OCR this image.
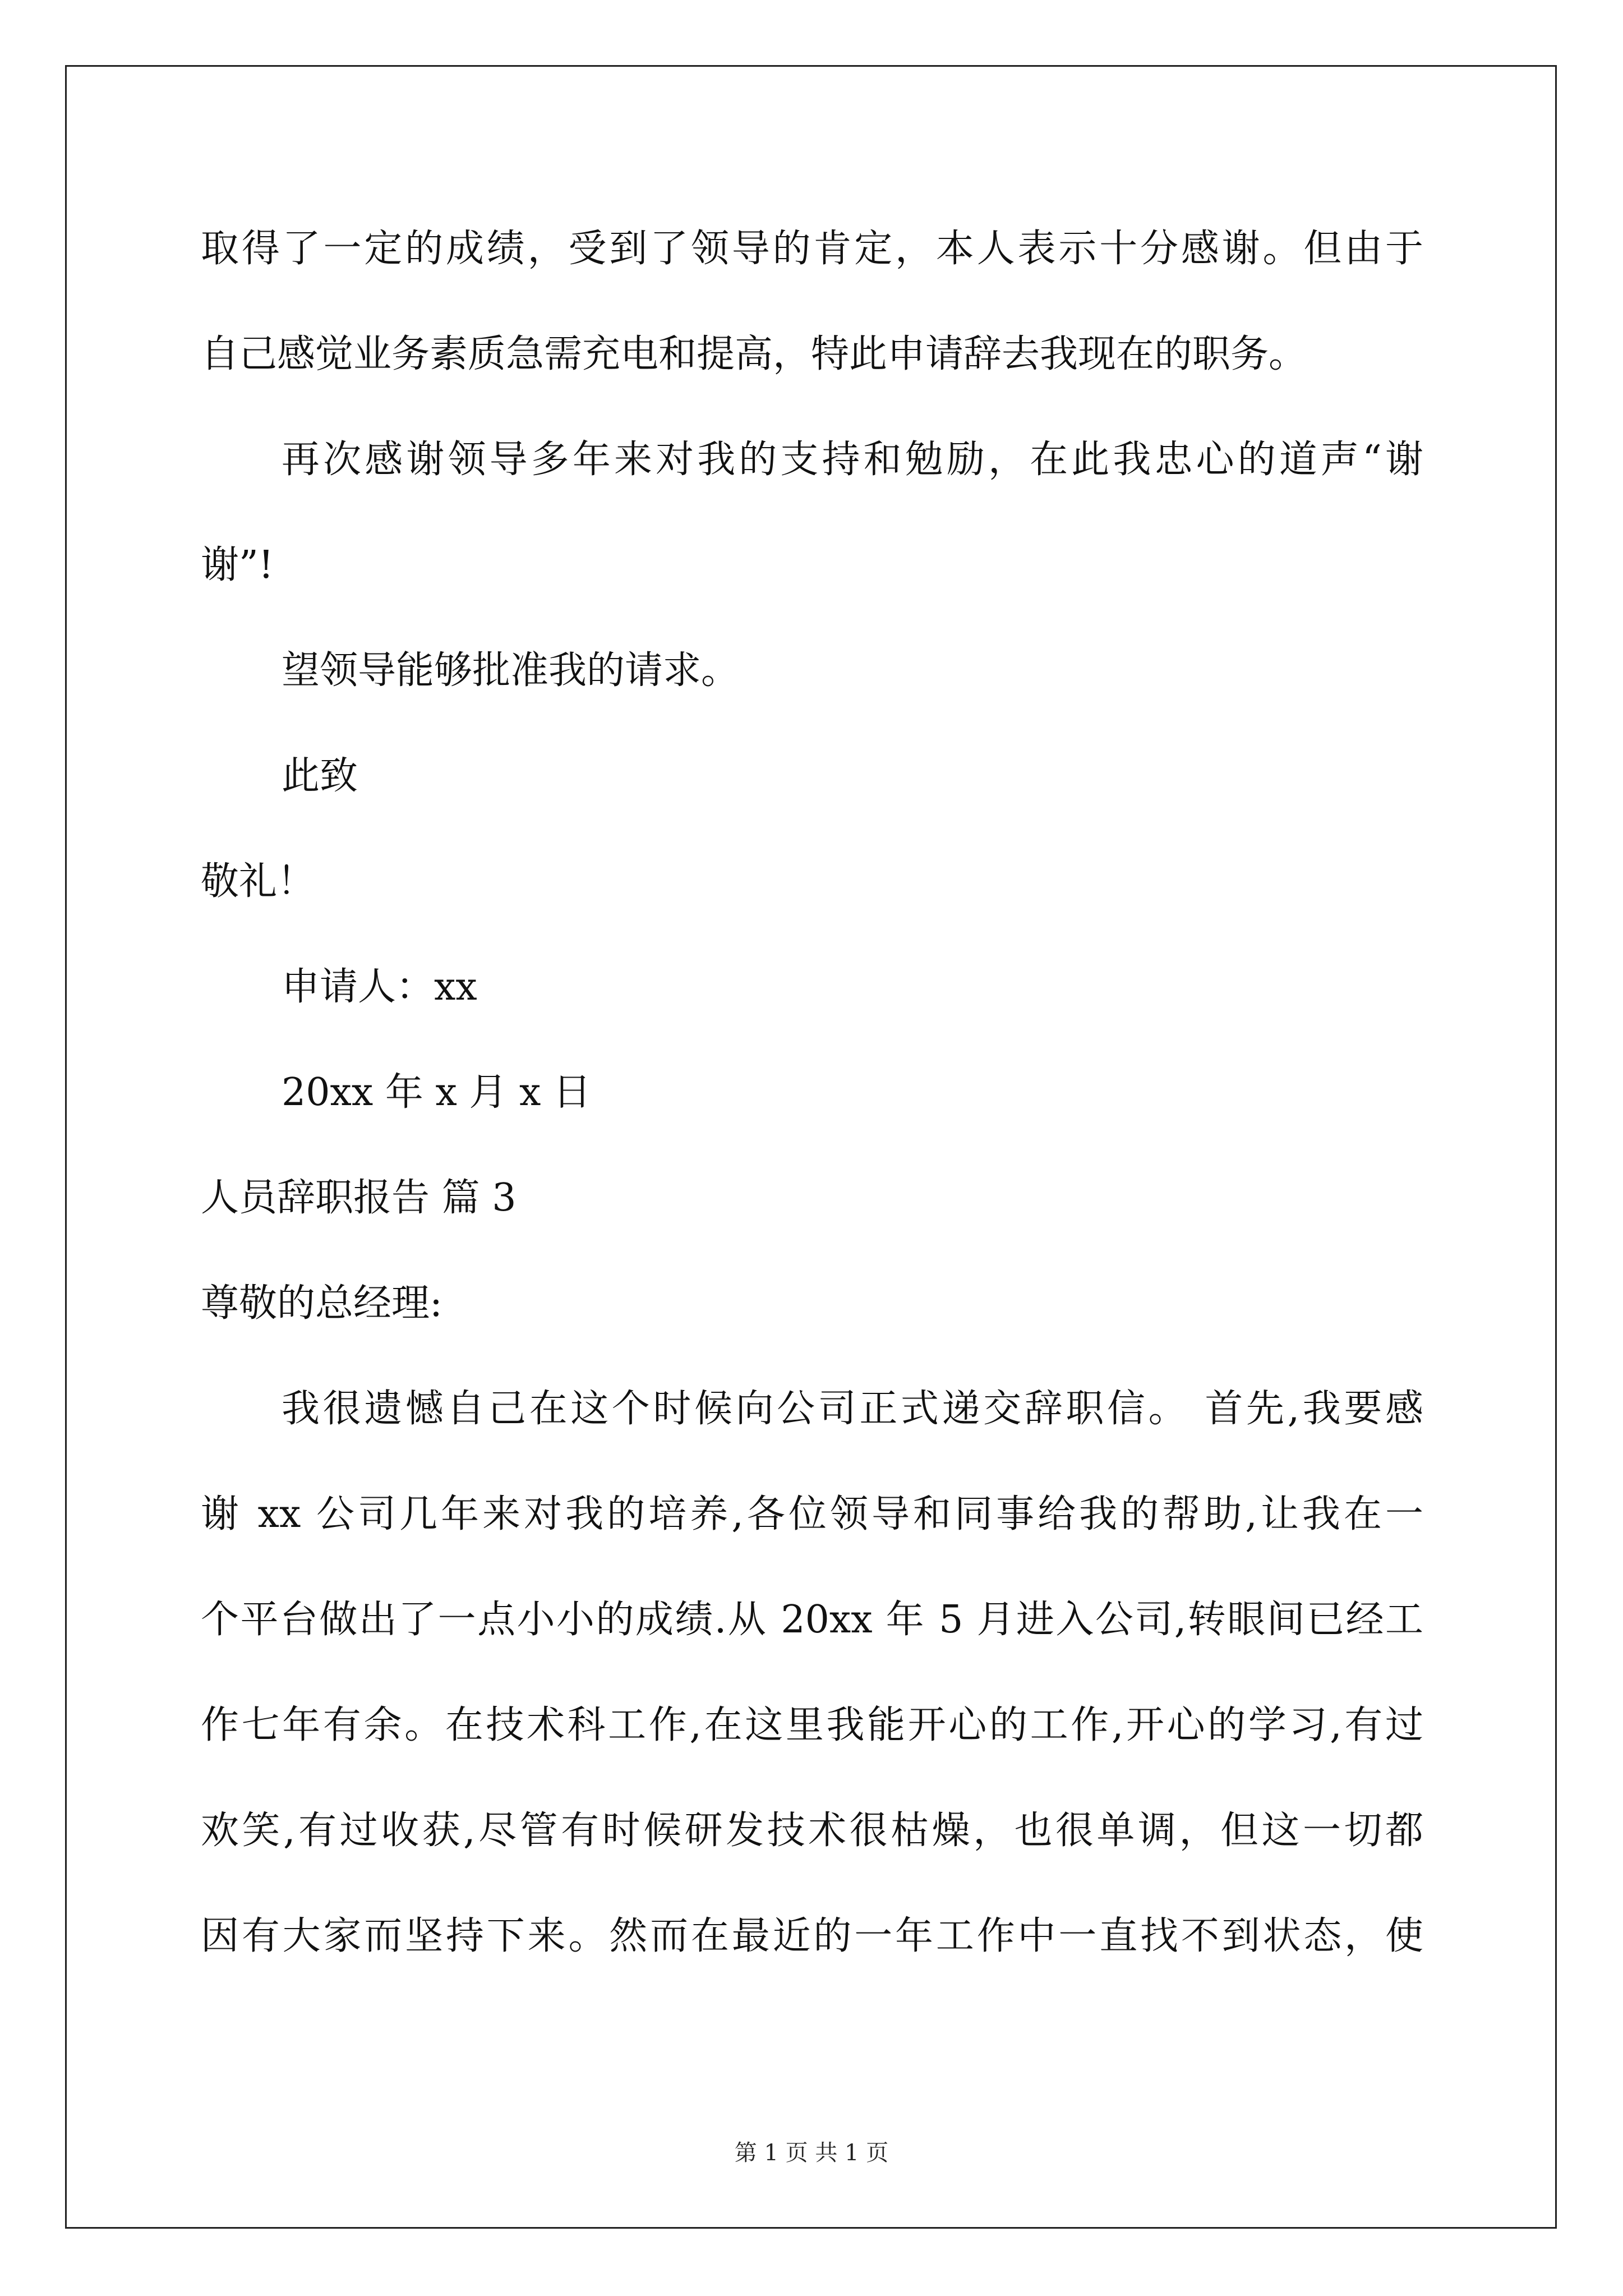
取得了一定的成绩，受到了领导的肯定，本人表示十分感谢。但由于
自己感觉业务素质急需充电和提高，特此申请辞去我现在的职务。
再次感谢领导多年来对我的支持和勉励，在此我忠心的道声“谢
谢”!
望领导能够批准我的请求。
此致
敬礼！
申请人：xx
20xx 年 x 月 x 日
人员辞职报告 篇 3
尊敬的总经理:
我很遗憾自己在这个时候向公司正式递交辞职信。 首先,我要感
谢 xx 公司几年来对我的培养,各位领导和同事给我的帮助,让我在一
个平台做出了一点小小的成绩.从 20xx 年 5 月进入公司,转眼间已经工
作七年有余。在技术科工作,在这里我能开心的工作,开心的学习,有过
欢笑,有过收获,尽管有时候研发技术很枯燥，也很单调，但这一切都
因有大家而坚持下来。然而在最近的一年工作中一直找不到状态，使
第 1 页 共 1 页
